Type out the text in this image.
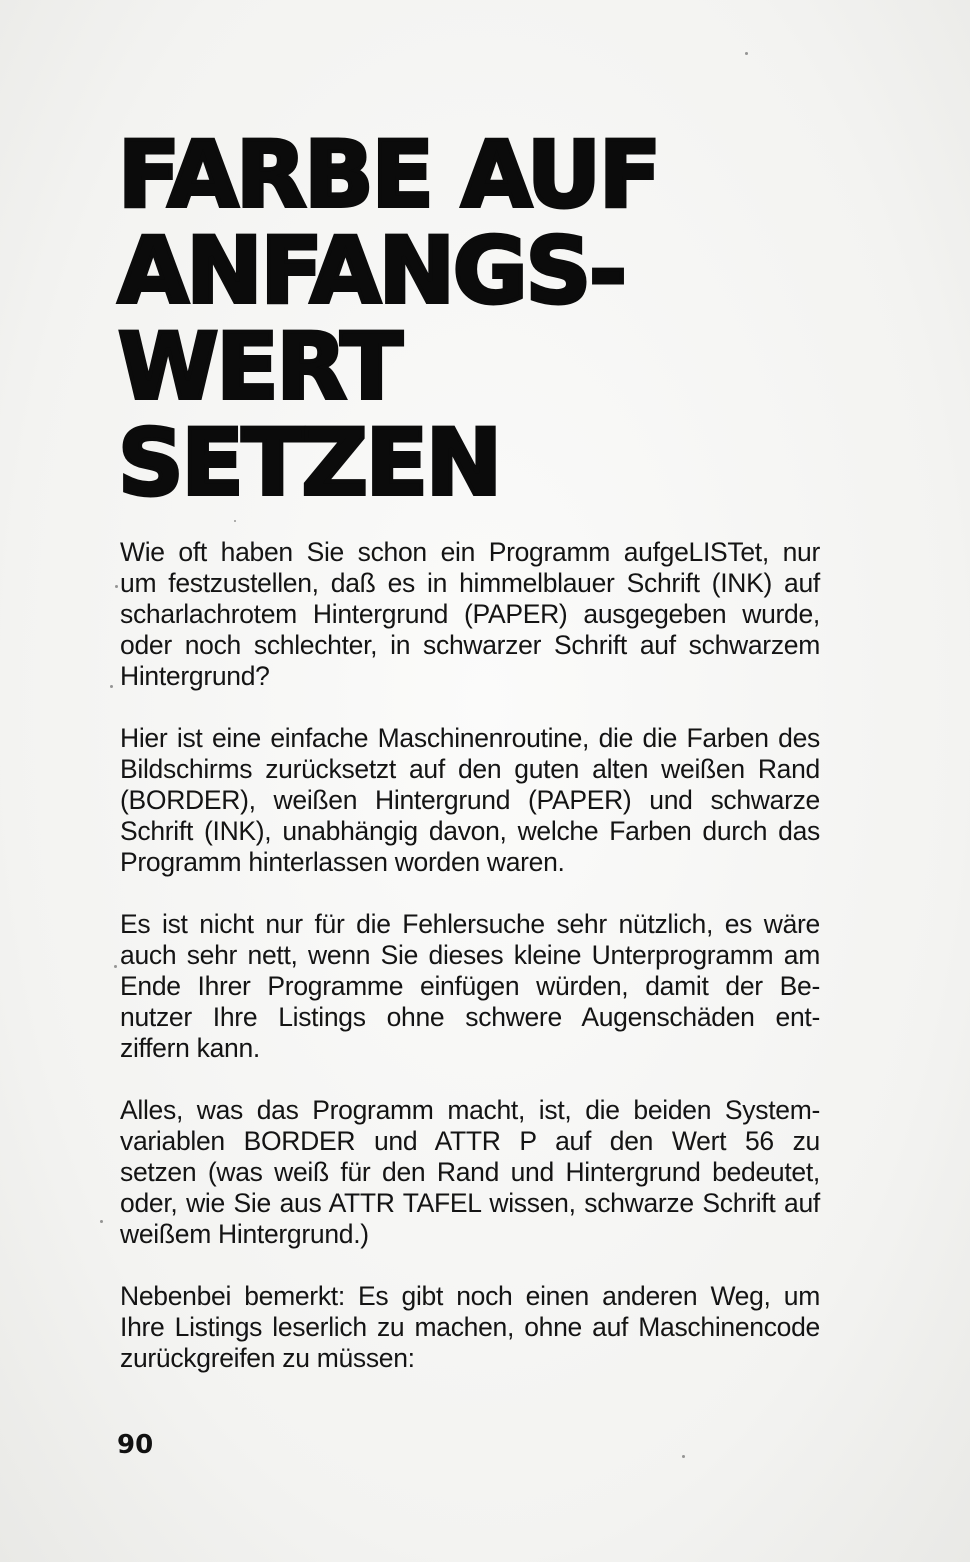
FARBE AUF
ANFANGS-
WERT
SETZEN

Wie oft haben Sie schon ein Programm aufgeLISTet, nur
um festzustellen, daß es in himmelblauer Schrift (INK) auf
scharlachrotem Hintergrund (PAPER) ausgegeben wurde,
oder noch schlechter, in schwarzer Schrift auf schwarzem
Hintergrund?

Hier ist eine einfache Maschinenroutine, die die Farben des
Bildschirms zurücksetzt auf den guten alten weißen Rand
(BORDER), weißen Hintergrund (PAPER) und schwarze
Schrift (INK), unabhängig davon, welche Farben durch das
Programm hinterlassen worden waren.

Es ist nicht nur für die Fehlersuche sehr nützlich, es wäre
auch sehr nett, wenn Sie dieses kleine Unterprogramm am
Ende Ihrer Programme einfügen würden, damit der Be-
nutzer Ihre Listings ohne schwere Augenschäden ent-
ziffern kann.

Alles, was das Programm macht, ist, die beiden System-
variablen BORDER und ATTR P auf den Wert 56 zu
setzen (was weiß für den Rand und Hintergrund bedeutet,
oder, wie Sie aus ATTR TAFEL wissen, schwarze Schrift auf
weißem Hintergrund.)

Nebenbei bemerkt: Es gibt noch einen anderen Weg, um
Ihre Listings leserlich zu machen, ohne auf Maschinencode
zurückgreifen zu müssen:

90
